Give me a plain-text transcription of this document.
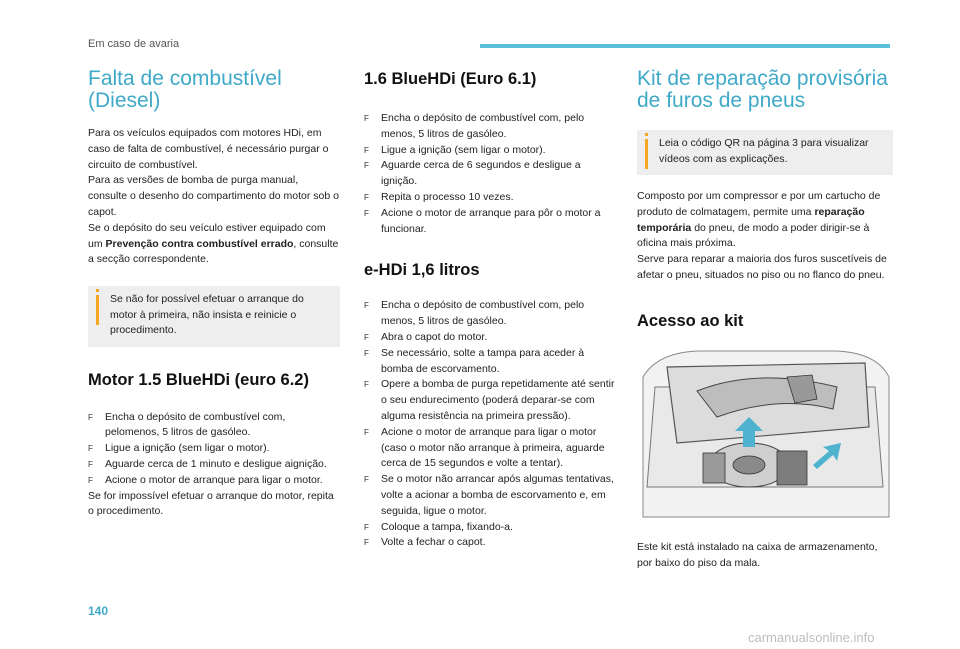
Em caso de avaria
Falta de combustível (Diesel)

Para os veículos equipados com motores HDi, em caso de falta de combustível, é necessário purgar o circuito de combustível.

Para as versões de bomba de purga manual, consulte o desenho do compartimento do motor sob o capot.

Se o depósito do seu veículo estiver equipado com um Prevenção contra combustível errado, consulte a secção correspondente.

Se não for possível efetuar o arranque do motor à primeira, não insista e reinicie o procedimento.
Motor 1.5 BlueHDi (euro 6.2)
F Encha o depósito de combustível com, pelomenos, 5 litros de gasóleo.
F Ligue a ignição (sem ligar o motor).
F Aguarde cerca de 1 minuto e desligue aignição.
F Acione o motor de arranque para ligar o motor.

Se for impossível efetuar o arranque do motor, repita o procedimento.

1.6 BlueHDi (Euro 6.1)
F Encha o depósito de combustível com, pelo menos, 5 litros de gasóleo.
F Ligue a ignição (sem ligar o motor).
F Aguarde cerca de 6 segundos e desligue a ignição.
F Repita o processo 10 vezes.
F Acione o motor de arranque para pôr o motor a funcionar.
e-HDi 1,6 litros
F Encha o depósito de combustível com, pelo menos, 5 litros de gasóleo.
F Abra o capot do motor.
F Se necessário, solte a tampa para aceder à bomba de escorvamento.
F Opere a bomba de purga repetidamente até sentir o seu endurecimento (poderá deparar-se com alguma resistência na primeira pressão).
F Acione o motor de arranque para ligar o motor (caso o motor não arranque à primeira, aguarde cerca de 15 segundos e volte a tentar).
F Se o motor não arrancar após algumas tentativas, volte a acionar a bomba de escorvamento e, em seguida, ligue o motor.
F Coloque a tampa, fixando-a.
F Volte a fechar o capot.
Kit de reparação provisória de furos de pneus
Leia o código QR na página 3 para visualizar vídeos com as explicações.

Composto por um compressor e por um cartucho de produto de colmatagem, permite uma reparação temporária do pneu, de modo a poder dirigir-se à oficina mais próxima.

Serve para reparar a maioria dos furos suscetíveis de afetar o pneu, situados no piso ou no flanco do pneu.

Acesso ao kit

Este kit está instalado na caixa de armazenamento, por baixo do piso da mala.

140
carmanualsonline.info
